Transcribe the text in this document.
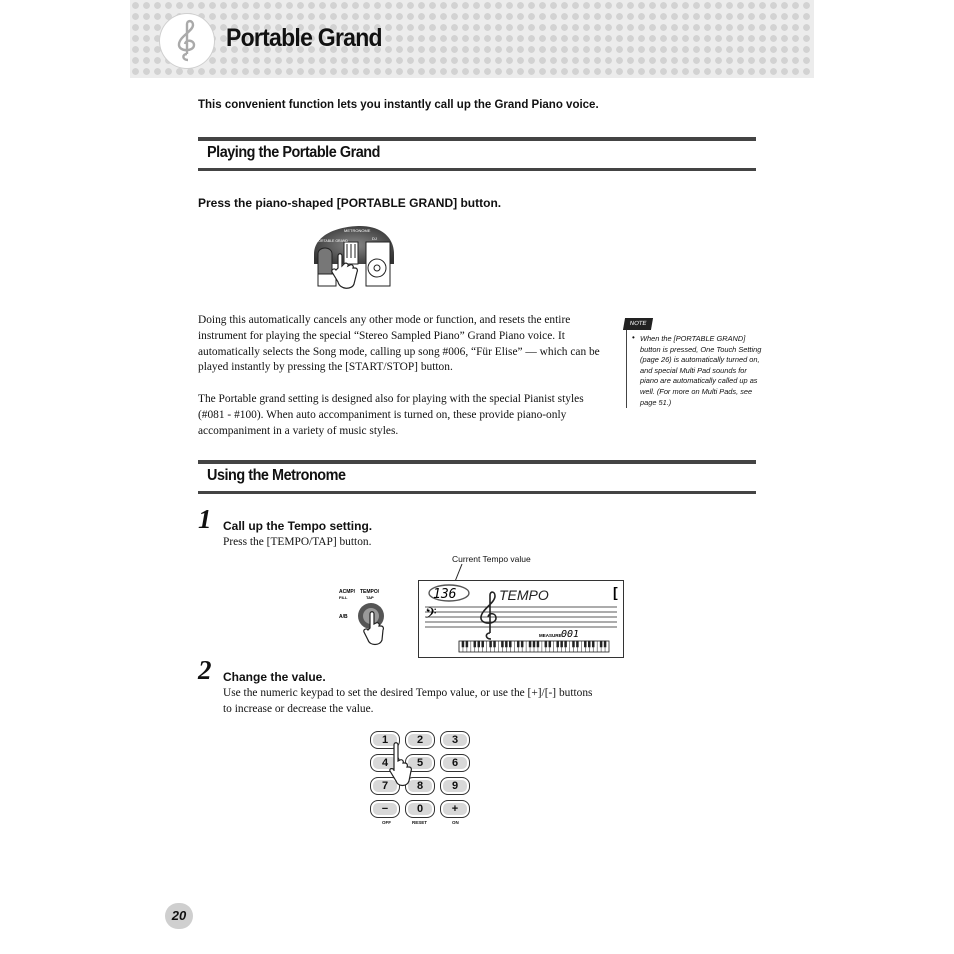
Portable Grand

This convenient function lets you instantly call up the Grand Piano voice.

Playing the Portable Grand

Press the piano-shaped [PORTABLE GRAND] button.

METRONOME
PORTABLE GRAND	DJ

Doing this automatically cancels any other mode or function, and resets the entire instrument for playing the special “Stereo Sampled Piano” Grand Piano voice. It automatically selects the Song mode, calling up song #006, “Für Elise” — which can be played instantly by pressing the [START/STOP] button.

The Portable grand setting is designed also for playing with the special Pianist styles (#081 - #100). When auto accompaniment is turned on, these provide piano-only accompaniment in a variety of music styles.

NOTE
• When the [PORTABLE GRAND] button is pressed, One Touch Setting (page 26) is automatically turned on, and special Multi Pad sounds for piano are automatically called up as well. (For more on Multi Pads, see page 51.)

Using the Metronome

1 Call up the Tempo setting.

Press the [TEMPO/TAP] button.

Current Tempo value

ACMP/
FILL
TEMPO/
TAP
A/B
136	TEMPO	[
𝄢
MEASURE 001

2 Change the value.

Use the numeric keypad to set the desired Tempo value, or use the [+]/[-] buttons to increase or decrease the value.

1	2	3
4	5	6
7	8	9
−	0	+
OFF	RESET	ON
20
